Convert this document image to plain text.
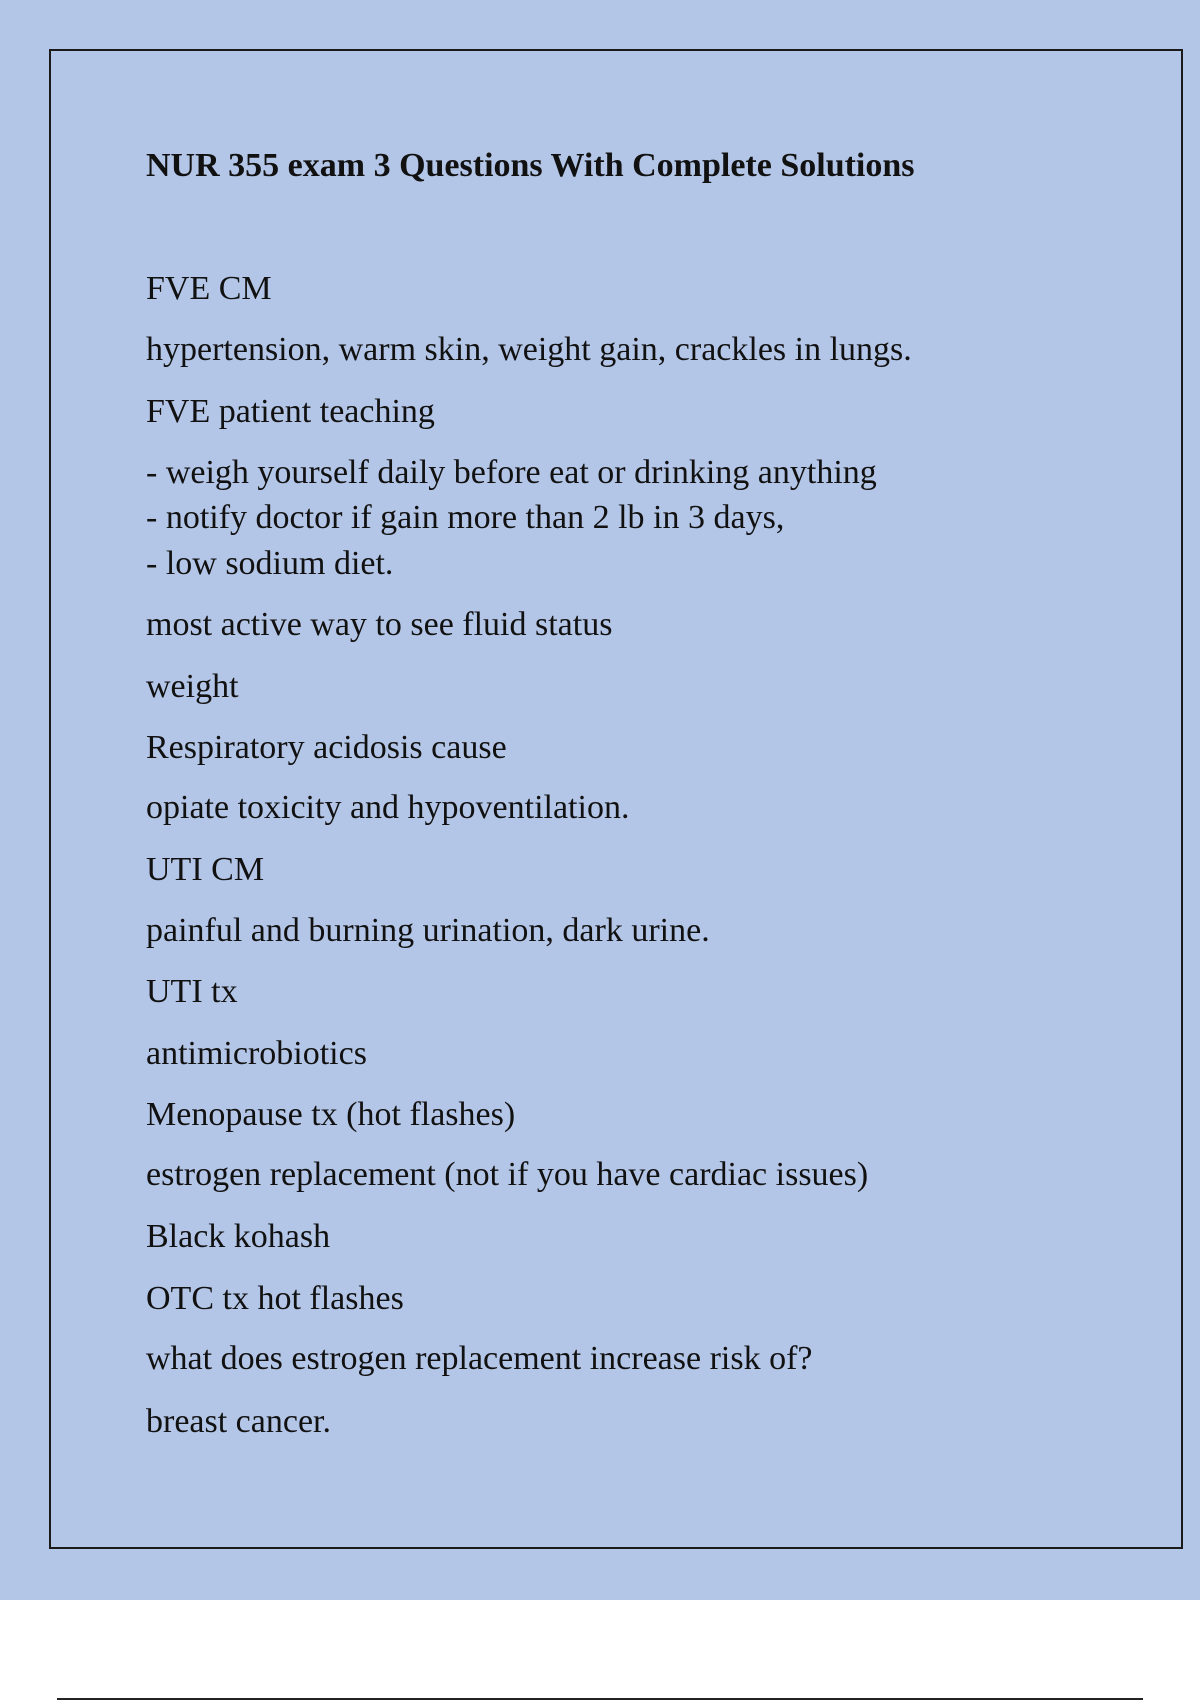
NUR 355 exam 3 Questions With Complete Solutions
FVE CM
hypertension, warm skin, weight gain, crackles in lungs.
FVE patient teaching
- weigh yourself daily before eat or drinking anything
- notify doctor if gain more than 2 lb in 3 days,
- low sodium diet.
most active way to see fluid status
weight
Respiratory acidosis cause
opiate toxicity and hypoventilation.
UTI CM
painful and burning urination, dark urine.
UTI tx
antimicrobiotics
Menopause tx (hot flashes)
estrogen replacement (not if you have cardiac issues)
Black kohash
OTC tx hot flashes
what does estrogen replacement increase risk of?
breast cancer.
